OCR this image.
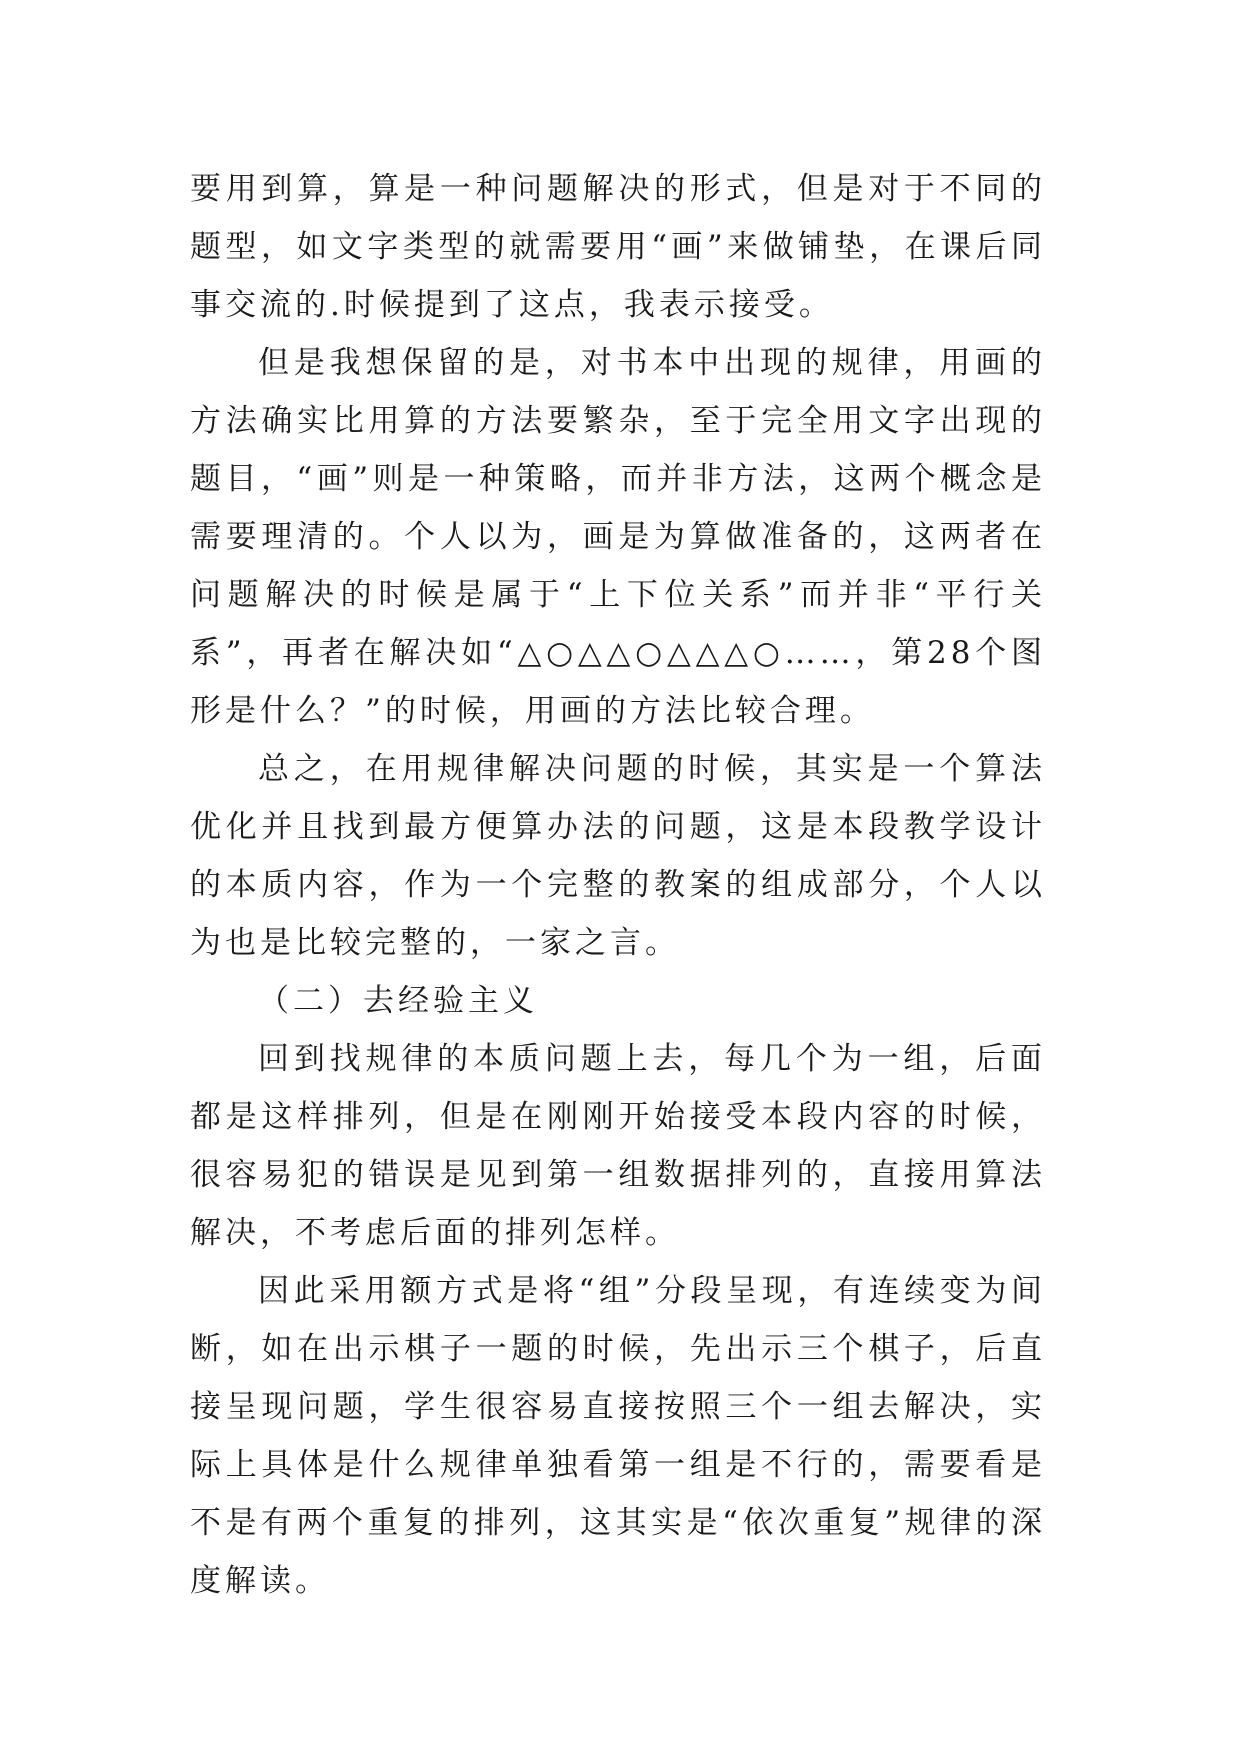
要用到算，算是一种问题解决的形式，但是对于不同的题型，如文字类型的就需要用“画”来做铺垫，在课后同事交流的.时候提到了这点，我表示接受。

但是我想保留的是，对书本中出现的规律，用画的方法确实比用算的方法要繁杂，至于完全用文字出现的题目，“画”则是一种策略，而并非方法，这两个概念是需要理清的。个人以为，画是为算做准备的，这两者在问题解决的时候是属于“上下位关系”而并非“平行关系”，再者在解决如“△○△△○△△△○……，第28个图形是什么？”的时候，用画的方法比较合理。

总之，在用规律解决问题的时候，其实是一个算法优化并且找到最方便算办法的问题，这是本段教学设计的本质内容，作为一个完整的教案的组成部分，个人以为也是比较完整的，一家之言。

（二）去经验主义

回到找规律的本质问题上去，每几个为一组，后面都是这样排列，但是在刚刚开始接受本段内容的时候，很容易犯的错误是见到第一组数据排列的，直接用算法解决，不考虑后面的排列怎样。

因此采用额方式是将“组”分段呈现，有连续变为间断，如在出示棋子一题的时候，先出示三个棋子，后直接呈现问题，学生很容易直接按照三个一组去解决，实际上具体是什么规律单独看第一组是不行的，需要看是不是有两个重复的排列，这其实是“依次重复”规律的深度解读。
